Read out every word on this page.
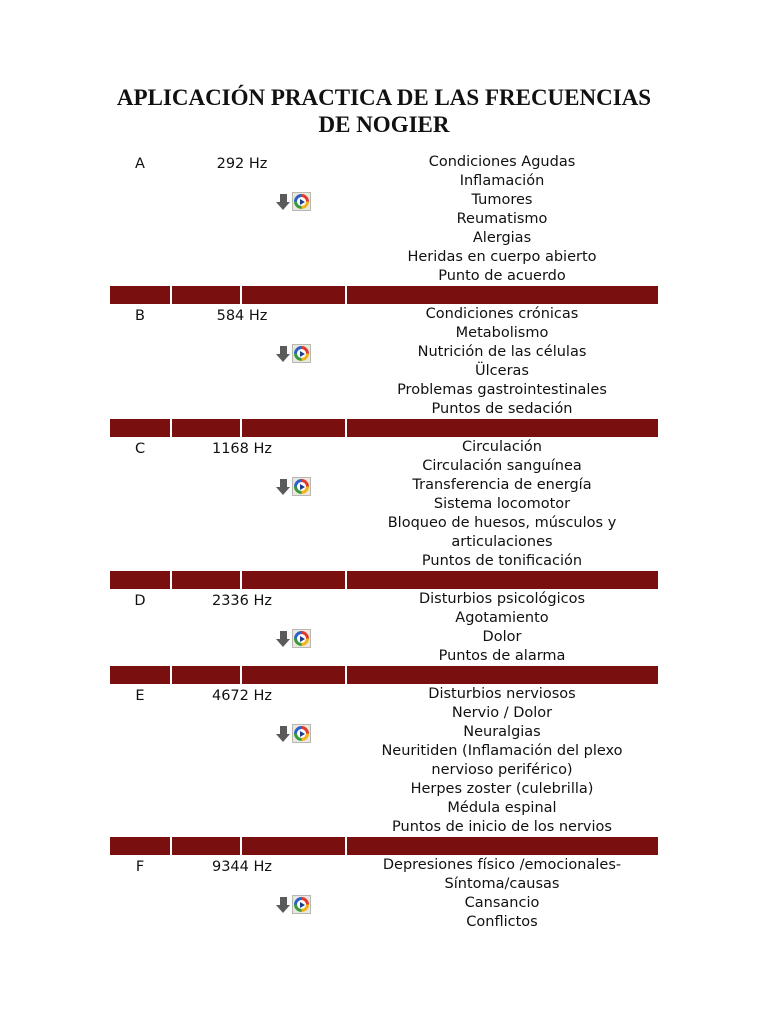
APLICACIÓN PRACTICA DE LAS FRECUENCIAS
DE NOGIER
A	292 Hz	Condiciones Agudas
Inflamación
Tumores
Reumatismo
Alergias
Heridas en cuerpo abierto
Punto de acuerdo
B	584 Hz	Condiciones crónicas
Metabolismo
Nutrición de las células
Ülceras
Problemas gastrointestinales
Puntos de sedación
C	1168 Hz	Circulación
Circulación sanguínea
Transferencia de energía
Sistema locomotor
Bloqueo de huesos, músculos y
articulaciones
Puntos de tonificación
D	2336 Hz	Disturbios psicológicos
Agotamiento
Dolor
Puntos de alarma
E	4672 Hz	Disturbios nerviosos
Nervio / Dolor
Neuralgias
Neuritiden (Inflamación del plexo
nervioso periférico)
Herpes zoster (culebrilla)
Médula espinal
Puntos de inicio de los nervios
F	9344 Hz	Depresiones físico /emocionales-
Síntoma/causas
Cansancio
Conflictos
